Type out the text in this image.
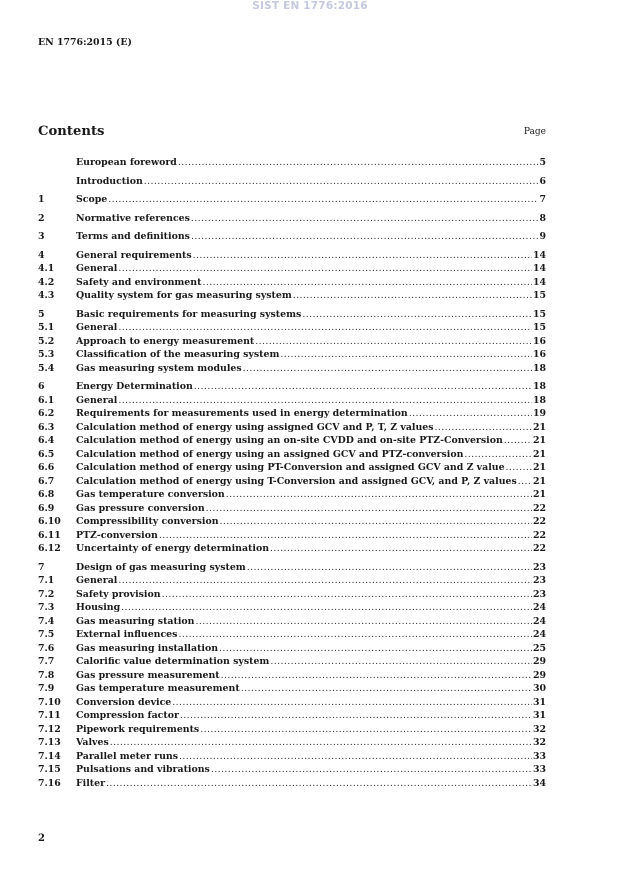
SIST EN 1776:2016
EN 1776:2015 (E)
Contents	Page
European foreword .....	5
Introduction .....	6
1	Scope .....	7
2	Normative references .....	8
3	Terms and definitions .....	9
4	General requirements .....	14
4.1	General .....	14
4.2	Safety and environment .....	14
4.3	Quality system for gas measuring system .....	15
5	Basic requirements for measuring systems .....	15
5.1	General .....	15
5.2	Approach to energy measurement .....	16
5.3	Classification of the measuring system .....	16
5.4	Gas measuring system modules .....	18
6	Energy Determination .....	18
6.1	General .....	18
6.2	Requirements for measurements used in energy determination .....	19
6.3	Calculation method of energy using assigned GCV and P, T, Z values .....	21
6.4	Calculation method of energy using an on-site CVDD and on-site PTZ-Conversion .....	21
6.5	Calculation method of energy using an assigned GCV and PTZ-conversion .....	21
6.6	Calculation method of energy using PT-Conversion and assigned GCV and Z value .....	21
6.7	Calculation method of energy using T-Conversion and assigned GCV, and P, Z values ..... 21
6.8	Gas temperature conversion .....	21
6.9	Gas pressure conversion .....	22
6.10	Compressibility conversion .....	22
6.11	PTZ-conversion .....	22
6.12	Uncertainty of energy determination .....	22
7	Design of gas measuring system .....	23
7.1	General .....	23
7.2	Safety provision .....	23
7.3	Housing .....	24
7.4	Gas measuring station .....	24
7.5	External influences .....	24
7.6	Gas measuring installation .....	25
7.7	Calorific value determination system .....	29
7.8	Gas pressure measurement .....	29
7.9	Gas temperature measurement .....	30
7.10	Conversion device .....	31
7.11	Compression factor .....	31
7.12	Pipework requirements .....	32
7.13	Valves .....	32
7.14	Parallel meter runs .....	33
7.15	Pulsations and vibrations .....	33
7.16	Filter .....	34
2
